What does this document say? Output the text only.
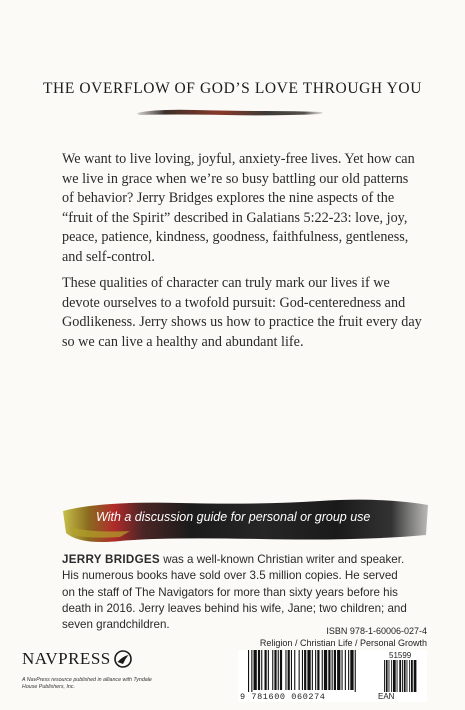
THE OVERFLOW OF GOD’S LOVE THROUGH YOU
We want to live loving, joyful, anxiety-free lives. Yet how can we live in grace when we’re so busy battling our old patterns of behavior? Jerry Bridges explores the nine aspects of the “fruit of the Spirit” described in Galatians 5:22-23: love, joy, peace, patience, kindness, goodness, faithfulness, gentleness, and self-control.
These qualities of character can truly mark our lives if we devote ourselves to a twofold pursuit: God-centeredness and Godlikeness. Jerry shows us how to practice the fruit every day so we can live a healthy and abundant life.
With a discussion guide for personal or group use
JERRY BRIDGES was a well-known Christian writer and speaker. His numerous books have sold over 3.5 million copies. He served on the staff of The Navigators for more than sixty years before his death in 2016. Jerry leaves behind his wife, Jane; two children; and seven grandchildren.	ISBN 978-1-60006-027-4
Religion / Christian Life / Personal Growth
51599
9 781600 060274	EAN
NAVPRESS
A NavPress resource published in alliance with Tyndale House Publishers, Inc.
